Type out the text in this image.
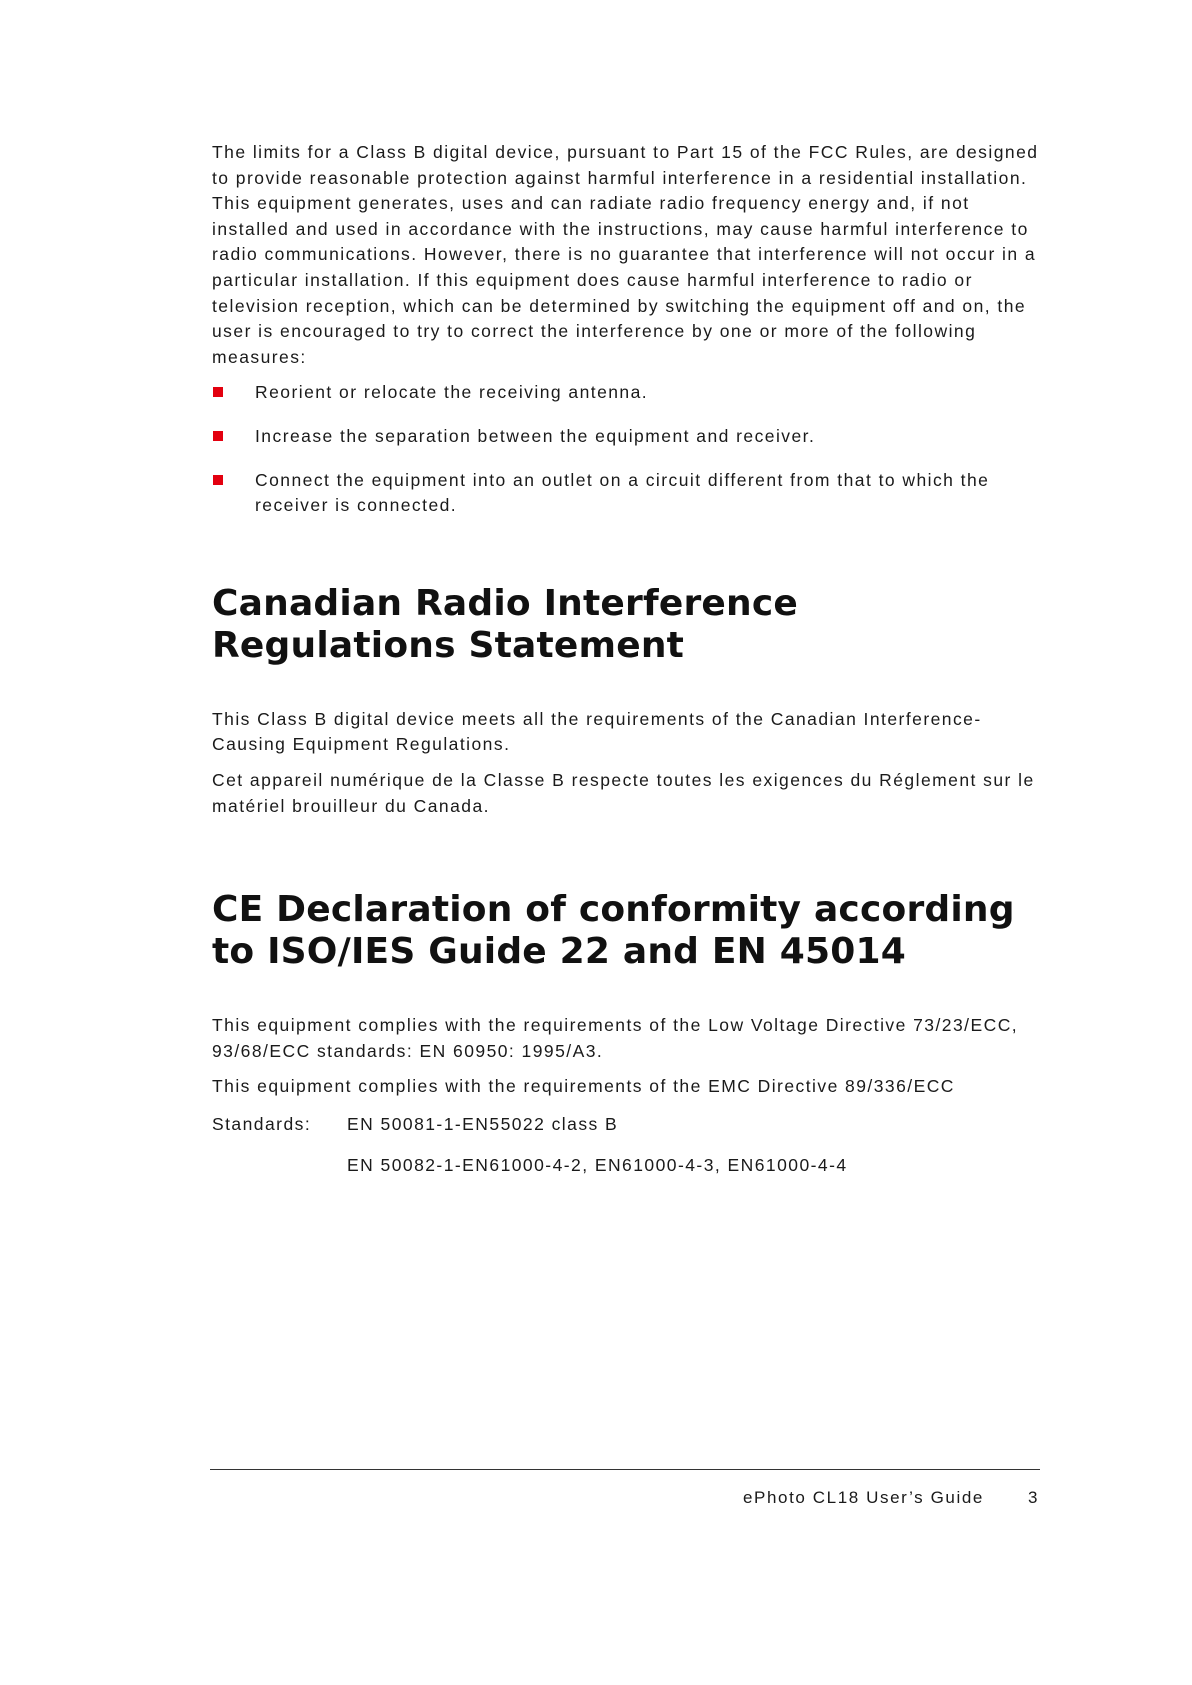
The limits for a Class B digital device, pursuant to Part 15 of the FCC Rules, are designed to provide reasonable protection against harmful interference in a residential installation. This equipment generates, uses and can radiate radio frequency energy and, if not installed and used in accordance with the instructions, may cause harmful interference to radio communications. However, there is no guarantee that interference will not occur in a particular installation. If this equipment does cause harmful interference to radio or television reception, which can be determined by switching the equipment off and on, the user is encouraged to try to correct the interference by one or more of the following measures:

Reorient or relocate the receiving antenna.
Increase the separation between the equipment and receiver.
Connect the equipment into an outlet on a circuit different from that to which the receiver is connected.
Canadian Radio Interference Regulations Statement

This Class B digital device meets all the requirements of the Canadian Interference-Causing Equipment Regulations.

Cet appareil numérique de la Classe B respecte toutes les exigences du Réglement sur le matériel brouilleur du Canada.

CE Declaration of conformity according to ISO/IES Guide 22 and EN 45014

This equipment complies with the requirements of the Low Voltage Directive 73/23/ECC, 93/68/ECC standards: EN 60950: 1995/A3.

This equipment complies with the requirements of the EMC Directive 89/336/ECC

Standards:	EN 50081-1-EN55022 class B
EN 50082-1-EN61000-4-2, EN61000-4-3, EN61000-4-4
ePhoto CL18 User’s Guide	3
